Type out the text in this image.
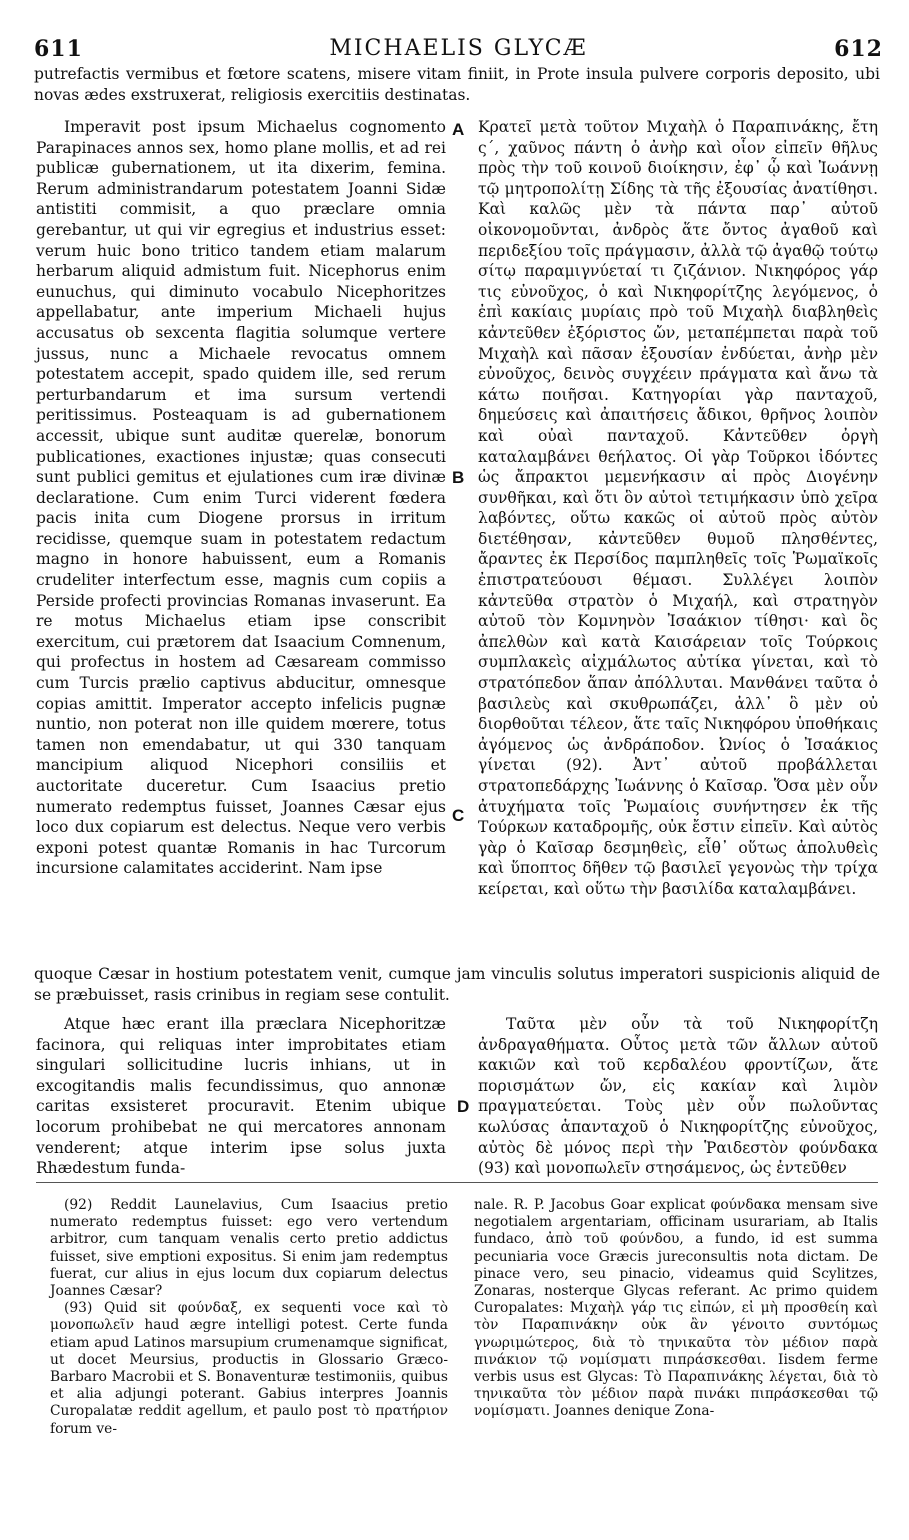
611	MICHAELIS GLYCÆ	612

putrefactis vermibus et fœtore scatens, misere vitam finiit, in Prote insula pulvere corporis deposito, ubi novas ædes exstruxerat, religiosis exercitiis destinatas.

Imperavit post ipsum Michaelus cognomento Parapinaces annos sex, homo plane mollis, et ad rei publicæ gubernationem, ut ita dixerim, femina. Rerum administrandarum potestatem Joanni Sidæ antistiti commisit, a quo præclare omnia gerebantur, ut qui vir egregius et industrius esset: verum huic bono tritico tandem etiam malarum herbarum aliquid admistum fuit. Nicephorus enim eunuchus, qui diminuto vocabulo Nicephoritzes appellabatur, ante imperium Michaeli hujus accusatus ob sexcenta flagitia solumque vertere jussus, nunc a Michaele revocatus omnem potestatem accepit, spado quidem ille, sed rerum perturbandarum et ima sursum vertendi peritissimus. Posteaquam is ad gubernationem accessit, ubique sunt auditæ querelæ, bonorum publicationes, exactiones injustæ; quas consecuti sunt publici gemitus et ejulationes cum iræ divinæ declaratione. Cum enim Turci viderent fœdera pacis inita cum Diogene prorsus in irritum recidisse, quemque suam in potestatem redactum magno in honore habuissent, eum a Romanis crudeliter interfectum esse, magnis cum copiis a Perside profecti provincias Romanas invaserunt. Ea re motus Michaelus etiam ipse conscribit exercitum, cui prætorem dat Isaacium Comnenum, qui profectus in hostem ad Cæsaream commisso cum Turcis prælio captivus abducitur, omnesque copias amittit. Imperator accepto infelicis pugnæ nuntio, non poterat non ille quidem mœrere, totus tamen non emendabatur, ut qui 330 tanquam mancipium aliquod Nicephori consiliis et auctoritate duceretur. Cum Isaacius pretio numerato redemptus fuisset, Joannes Cæsar ejus loco dux copiarum est delectus. Neque vero verbis exponi potest quantæ Romanis in hac Turcorum incursione calamitates acciderint. Nam ipse

Κρατεῖ μετὰ τοῦτον Μιχαὴλ ὁ Παραπινάκης, ἔτη ς΄, χαῦνος πάντη ὁ ἀνὴρ καὶ οἷον εἰπεῖν θῆλυς πρὸς τὴν τοῦ κοινοῦ διοίκησιν, ἐφ᾽ ᾧ καὶ Ἰωάννῃ τῷ μητροπολίτῃ Σίδης τὰ τῆς ἐξουσίας ἀνατίθησι. Καὶ καλῶς μὲν τὰ πάντα παρ᾽ αὐτοῦ οἰκονομοῦνται, ἀνδρὸς ἅτε ὄντος ἀγαθοῦ καὶ περιδεξίου τοῖς πράγμασιν, ἀλλὰ τῷ ἀγαθῷ τούτῳ σίτῳ παραμιγνύεταί τι ζιζάνιον. Νικηφόρος γάρ τις εὐνοῦχος, ὁ καὶ Νικηφορίτζης λεγόμενος, ὁ ἐπὶ κακίαις μυρίαις πρὸ τοῦ Μιχαὴλ διαβληθεὶς κἀντεῦθεν ἐξόριστος ὤν, μεταπέμπεται παρὰ τοῦ Μιχαὴλ καὶ πᾶσαν ἐξουσίαν ἐνδύεται, ἀνὴρ μὲν εὐνοῦχος, δεινὸς συγχέειν πράγματα καὶ ἄνω τὰ κάτω ποιῆσαι. Κατηγορίαι γὰρ πανταχοῦ, δημεύσεις καὶ ἀπαιτήσεις ἄδικοι, θρῆνος λοιπὸν καὶ οὐαὶ πανταχοῦ. Κἀντεῦθεν ὀργὴ καταλαμβάνει θεήλατος. Οἱ γὰρ Τοῦρκοι ἰδόντες ὡς ἄπρακτοι μεμενήκασιν αἱ πρὸς Διογένην συνθῆκαι, καὶ ὅτι ὃν αὐτοὶ τετιμήκασιν ὑπὸ χεῖρα λαβόντες, οὕτω κακῶς οἱ αὐτοῦ πρὸς αὐτὸν διετέθησαν, κἀντεῦθεν θυμοῦ πλησθέντες, ἄραντες ἐκ Περσίδος παμπληθεῖς τοῖς Ῥωμαϊκοῖς ἐπιστρατεύουσι θέμασι. Συλλέγει λοιπὸν κἀντεῦθα στρατὸν ὁ Μιχαήλ, καὶ στρατηγὸν αὐτοῦ τὸν Κομνηνὸν Ἰσαάκιον τίθησι· καὶ ὃς ἀπελθὼν καὶ κατὰ Καισάρειαν τοῖς Τούρκοις συμπλακεὶς αἰχμάλωτος αὐτίκα γίνεται, καὶ τὸ στρατόπεδον ἅπαν ἀπόλλυται. Μανθάνει ταῦτα ὁ βασιλεὺς καὶ σκυθρωπάζει, ἀλλ᾽ ὃ μὲν οὐ διορθοῦται τέλεον, ἅτε ταῖς Νικηφόρου ὑποθήκαις ἀγόμενος ὡς ἀνδράποδον. Ὠνίος ὁ Ἰσαάκιος γίνεται (92). Ἀντ᾽ αὐτοῦ προβάλλεται στρατοπεδάρχης Ἰωάννης ὁ Καῖσαρ. Ὅσα μὲν οὖν ἀτυχήματα τοῖς Ῥωμαίοις συνήντησεν ἐκ τῆς Τούρκων καταδρομῆς, οὐκ ἔστιν εἰπεῖν. Καὶ αὐτὸς γὰρ ὁ Καῖσαρ δεσμηθεὶς, εἶθ᾽ οὕτως ἀπολυθεὶς καὶ ὕποπτος δῆθεν τῷ βασιλεῖ γεγονὼς τὴν τρίχα κείρεται, καὶ οὕτω τὴν βασιλίδα καταλαμβάνει.

A
B
C
D

quoque Cæsar in hostium potestatem venit, cumque jam vinculis solutus imperatori suspicionis aliquid de se præbuisset, rasis crinibus in regiam sese contulit.

Atque hæc erant illa præclara Nicephoritzæ facinora, qui reliquas inter improbitates etiam singulari sollicitudine lucris inhians, ut in excogitandis malis fecundissimus, quo annonæ caritas exsisteret procuravit. Etenim ubique locorum prohibebat ne qui mercatores annonam venderent; atque interim ipse solus juxta Rhædestum funda-

Ταῦτα μὲν οὖν τὰ τοῦ Νικηφορίτζη ἀνδραγαθήματα. Οὗτος μετὰ τῶν ἄλλων αὐτοῦ κακιῶν καὶ τοῦ κερδαλέου φροντίζων, ἅτε πορισμάτων ὤν, εἰς κακίαν καὶ λιμὸν πραγματεύεται. Τοὺς μὲν οὖν πωλοῦντας κωλύσας ἁπανταχοῦ ὁ Νικηφορίτζης εὐνοῦχος, αὐτὸς δὲ μόνος περὶ τὴν Ῥαιδεστὸν φούνδακα (93) καὶ μονοπωλεῖν στησάμενος, ὡς ἐντεῦθεν

(92) Reddit Launelavius, Cum Isaacius pretio numerato redemptus fuisset: ego vero vertendum arbitror, cum tanquam venalis certo pretio addictus fuisset, sive emptioni expositus. Si enim jam redemptus fuerat, cur alius in ejus locum dux copiarum delectus Joannes Cæsar?

(93) Quid sit φούνδαξ, ex sequenti voce καὶ τὸ μονοπωλεῖν haud ægre intelligi potest. Certe funda etiam apud Latinos marsupium crumenamque significat, ut docet Meursius, productis in Glossario Græco-Barbaro Macrobii et S. Bonaventuræ testimoniis, quibus et alia adjungi poterant. Gabius interpres Joannis Curopalatæ reddit agellum, et paulo post τὸ πρατήριον forum ve-

nale. R. P. Jacobus Goar explicat φούνδακα mensam sive negotialem argentariam, officinam usurariam, ab Italis fundaco, ἀπὸ τοῦ φούνδου, a fundo, id est summa pecuniaria voce Græcis jureconsultis nota dictam. De pinace vero, seu pinacio, videamus quid Scylitzes, Zonaras, nosterque Glycas referant. Ac primo quidem Curopalates: Μιχαὴλ γάρ τις εἰπών, εἰ μὴ προσθείη καὶ τὸν Παραπινάκην οὐκ ἂν γένοιτο συντόμως γνωριμώτερος, διὰ τὸ τηνικαῦτα τὸν μέδιον παρὰ πινάκιον τῷ νομίσματι πιπράσκεσθαι. Iisdem ferme verbis usus est Glycas: Τὸ Παραπινάκης λέγεται, διὰ τὸ τηνικαῦτα τὸν μέδιον παρὰ πινάκι πιπράσκεσθαι τῷ νομίσματι. Joannes denique Zona-
